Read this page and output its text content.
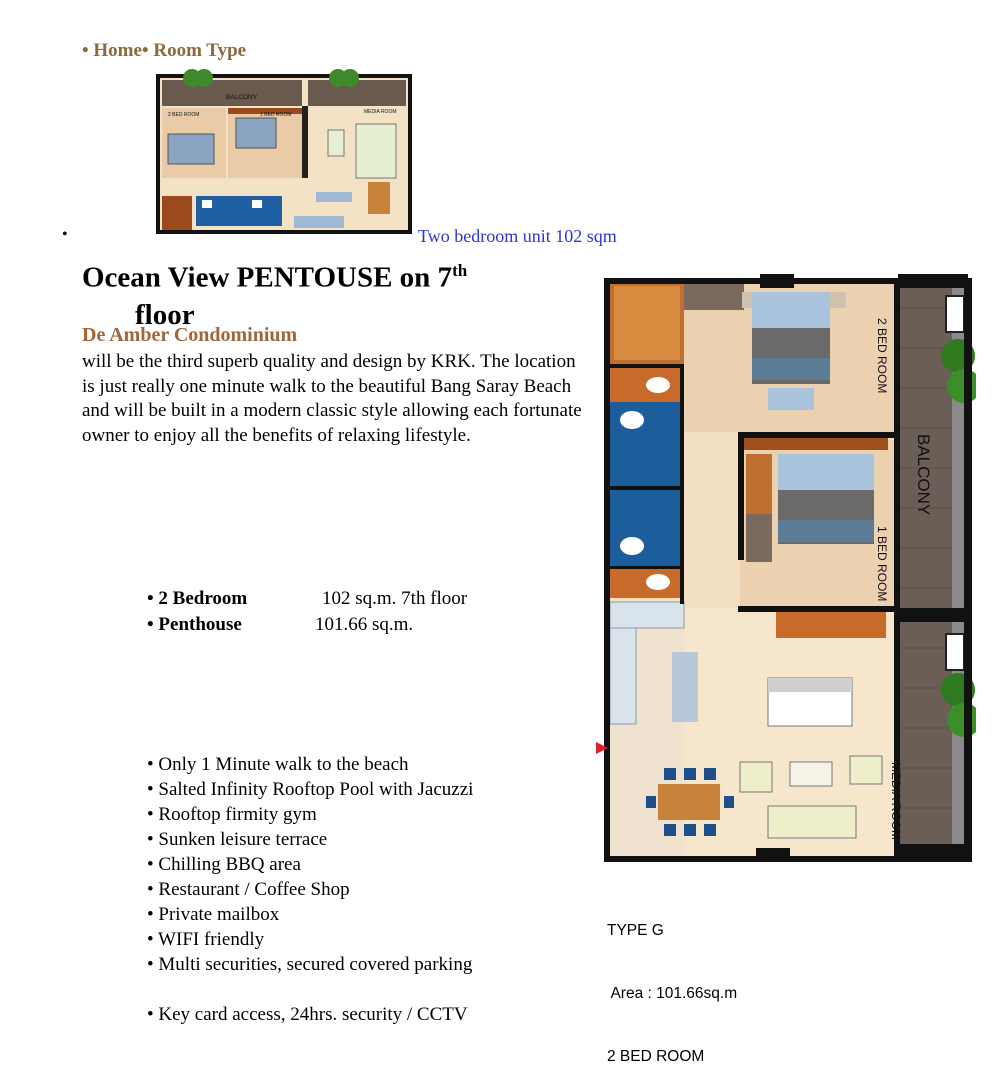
• Home• Room Type
BALCONY
2 BED ROOM	1 BED ROOM	MEDIA ROOM
•	Two bedroom unit 102 sqm
Ocean View PENTOUSE on 7th
floor
De Amber Condominium
will be the third superb quality and design by KRK. The location is just really one minute walk to the beautiful Bang Saray Beach and will be built in a modern classic style allowing each fortunate owner to enjoy all the benefits of relaxing lifestyle.
• 2 Bedroom	102 sq.m. 7th floor
• Penthouse	101.66 sq.m.
• Only 1 Minute walk to the beach
• Salted Infinity Rooftop Pool with Jacuzzi
• Rooftop firmity gym
• Sunken leisure terrace
• Chilling BBQ area
• Restaurant / Coffee Shop
• Private mailbox
• WIFI friendly
• Multi securities, secured covered parking
• Key card access, 24hrs. security / CCTV
2 BED ROOM
BALCONY
1 BED ROOM
MEDIA ROOM

TYPE G

Area : 101.66sq.m

2 BED ROOM
